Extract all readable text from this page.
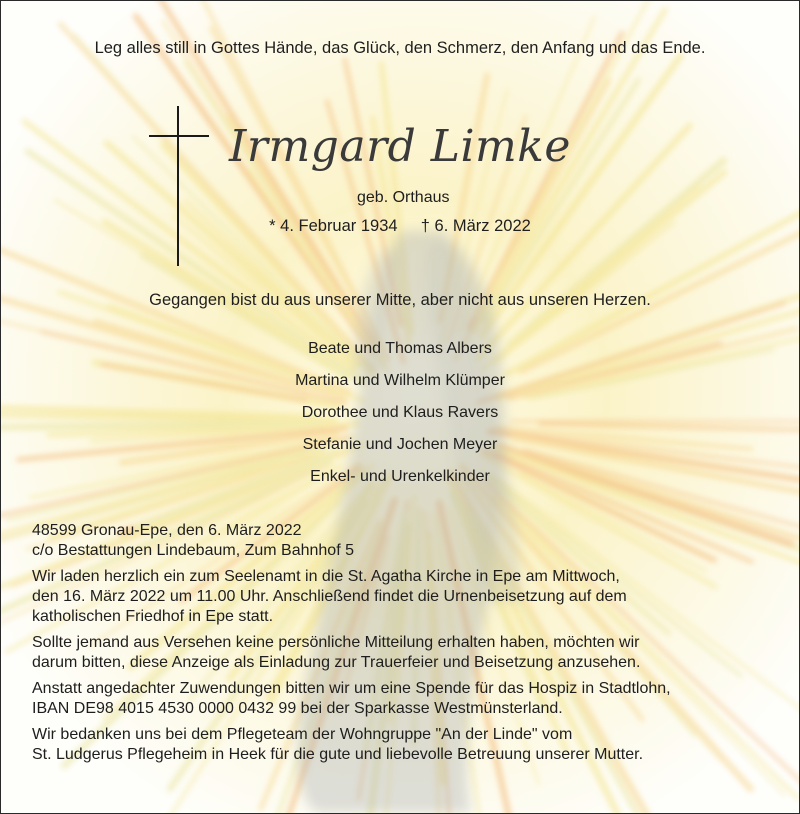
Leg alles still in Gottes Hände, das Glück, den Schmerz, den Anfang und das Ende.
Irmgard Limke
geb. Orthaus
* 4. Februar 1934 † 6. März 2022
Gegangen bist du aus unserer Mitte, aber nicht aus unseren Herzen.
Beate und Thomas Albers
Martina und Wilhelm Klümper
Dorothee und Klaus Ravers
Stefanie und Jochen Meyer
Enkel- und Urenkelkinder

48599 Gronau-Epe, den 6. März 2022
c/o Bestattungen Lindebaum, Zum Bahnhof 5

Wir laden herzlich ein zum Seelenamt in die St. Agatha Kirche in Epe am Mittwoch,
den 16. März 2022 um 11.00 Uhr. Anschließend findet die Urnenbeisetzung auf dem
katholischen Friedhof in Epe statt.

Sollte jemand aus Versehen keine persönliche Mitteilung erhalten haben, möchten wir
darum bitten, diese Anzeige als Einladung zur Trauerfeier und Beisetzung anzusehen.

Anstatt angedachter Zuwendungen bitten wir um eine Spende für das Hospiz in Stadtlohn,
IBAN DE98 4015 4530 0000 0432 99 bei der Sparkasse Westmünsterland.

Wir bedanken uns bei dem Pflegeteam der Wohngruppe "An der Linde" vom
St. Ludgerus Pflegeheim in Heek für die gute und liebevolle Betreuung unserer Mutter.
